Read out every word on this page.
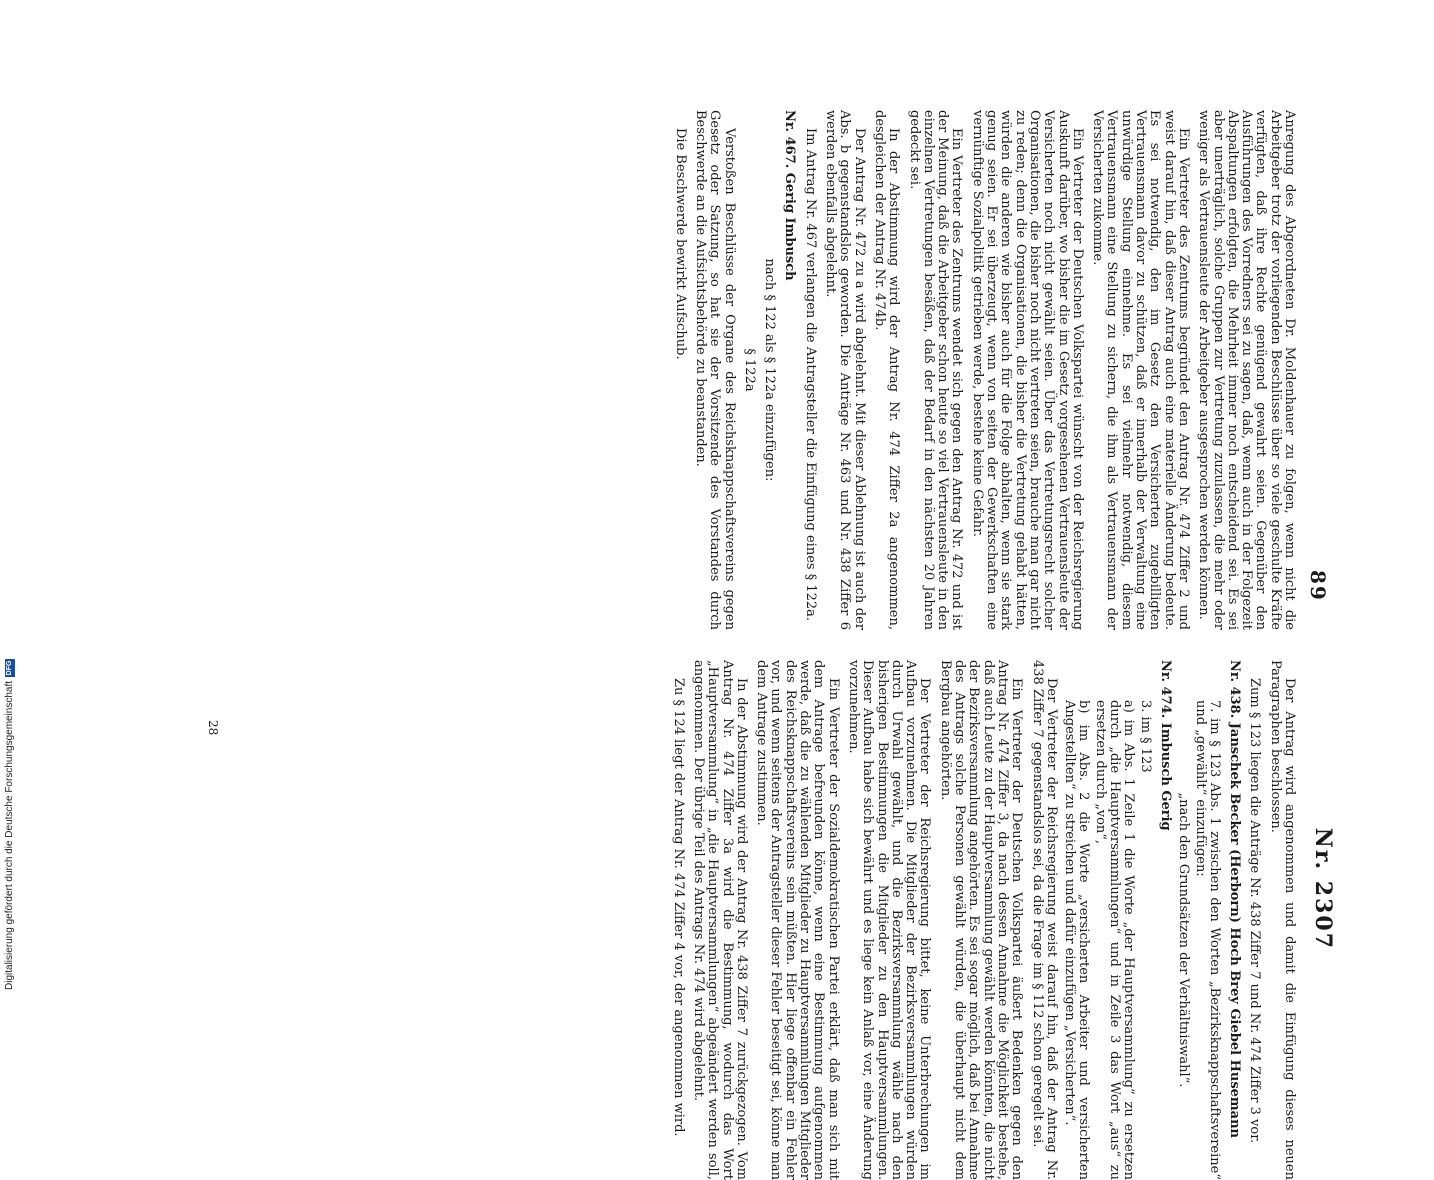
89
Nr. 2307

Anregung des Abgeordneten Dr. Moldenhauer zu folgen, wenn nicht die Arbeitgeber trotz der vorliegenden Beschlüsse über so viele geschulte Kräfte verfügten, daß ihre Rechte genügend gewahrt seien. Gegenüber den Ausführungen des Vorredners sei zu sagen, daß, wenn auch in der Folgezeit Abspaltungen erfolgten, die Mehrheit immer noch entscheidend sei. Es sei aber unerträglich, solche Gruppen zur Vertretung zuzulassen, die mehr oder weniger als Vertrauensleute der Arbeitgeber ausgesprochen werden können.

Ein Vertreter des Zentrums begründet den Antrag Nr. 474 Ziffer 2 und weist darauf hin, daß dieser Antrag auch eine materielle Änderung bedeute. Es sei notwendig, den im Gesetz den Versicherten zugebilligten Vertrauensmann davor zu schützen, daß er innerhalb der Verwaltung eine unwürdige Stellung einnehme. Es sei vielmehr notwendig, diesem Vertrauensmann eine Stellung zu sichern, die ihm als Vertrauensmann der Versicherten zukomme.

Ein Vertreter der Deutschen Volkspartei wünscht von der Reichsregierung Auskunft darüber, wo bisher die im Gesetz vorgesehenen Vertrauensleute der Versicherten noch nicht gewählt seien. Über das Vertretungsrecht solcher Organisationen, die bisher noch nicht vertreten seien, brauche man gar nicht zu reden; denn die Organisationen, die bisher die Vertretung gehabt hätten, würden die anderen wie bisher auch für die Folge abhalten, wenn sie stark genug seien. Er sei überzeugt, wenn von seiten der Gewerkschaften eine vernünftige Sozialpolitik getrieben werde, bestehe keine Gefahr.

Ein Vertreter des Zentrums wendet sich gegen den Antrag Nr. 472 und ist der Meinung, daß die Arbeitgeber schon heute so viel Vertrauensleute in den einzelnen Vertretungen besäßen, daß der Bedarf in den nächsten 20 Jahren gedeckt sei.

In der Abstimmung wird der Antrag Nr. 474 Ziffer 2a angenommen, desgleichen der Antrag Nr. 474b.

Der Antrag Nr. 472 zu a wird abgelehnt. Mit dieser Ablehnung ist auch der Abs. b gegenstandslos geworden. Die Anträge Nr. 463 und Nr. 438 Ziffer 6 werden ebenfalls abgelehnt.

Im Antrag Nr. 467 verlangen die Antragsteller die Einfügung eines § 122a.

Nr. 467. Gerig Imbusch

nach § 122 als § 122a einzufügen:

§ 122a

Verstoßen Beschlüsse der Organe des Reichsknappschaftsvereins gegen Gesetz oder Satzung, so hat sie der Vorsitzende des Vorstandes durch Beschwerde an die Aufsichtsbehörde zu beanstanden.

Die Beschwerde bewirkt Aufschub.

Der Antrag wird angenommen und damit die Einfügung dieses neuen Paragraphen beschlossen.

Zum § 123 liegen die Anträge Nr. 438 Ziffer 7 und Nr. 474 Ziffer 3 vor.

Nr. 438. Janschek Becker (Herborn) Hoch Brey Giebel Husemann

7. im § 123 Abs. 1 zwischen den Worten „Bezirksknappschaftsvereine“ und „gewählt“ einzufügen:

„nach den Grundsätzen der Verhältniswahl“.

Nr. 474. Imbusch Gerig

3. im § 123

a) im Abs. 1 Zeile 1 die Worte „der Hauptversammlung“ zu ersetzen durch „die Hauptversammlungen“ und in Zeile 3 das Wort „aus“ zu ersetzen durch „von“,

b) im Abs. 2 die Worte „versicherten Arbeiter und versicherten Angestellten“ zu streichen und dafür einzufügen „Versicherten“.

Der Vertreter der Reichsregierung weist darauf hin, daß der Antrag Nr. 438 Ziffer 7 gegenstandslos sei, da die Frage im § 112 schon geregelt sei.

Ein Vertreter der Deutschen Volkspartei äußert Bedenken gegen den Antrag Nr. 474 Ziffer 3, da nach dessen Annahme die Möglichkeit bestehe, daß auch Leute zu der Hauptversammlung gewählt werden könnten, die nicht der Bezirksversammlung angehörten. Es sei sogar möglich, daß bei Annahme des Antrags solche Personen gewählt würden, die überhaupt nicht dem Bergbau angehörten.

Der Vertreter der Reichsregierung bittet, keine Unterbrechungen im Aufbau vorzunehmen. Die Mitglieder der Bezirksversammlungen würden durch Urwahl gewählt, und die Bezirksversammlung wähle nach den bisherigen Bestimmungen die Mitglieder zu den Hauptversammlungen. Dieser Aufbau habe sich bewährt und es liege kein Anlaß vor, eine Änderung vorzunehmen.

Ein Vertreter der Sozialdemokratischen Partei erklärt, daß man sich mit dem Antrage befreunden könne, wenn eine Bestimmung aufgenommen werde, daß die zu wählenden Mitglieder zu Hauptversammlungen Mitglieder des Reichsknappschaftsvereins sein müßten. Hier liege offenbar ein Fehler vor, und wenn seitens der Antragsteller dieser Fehler beseitigt sei, könne man dem Antrage zustimmen.

In der Abstimmung wird der Antrag Nr. 438 Ziffer 7 zurückgezogen. Vom Antrag Nr. 474 Ziffer 3a wird die Bestimmung, wodurch das Wort „Hauptversammlung“ in „die Hauptversammlungen“ abgeändert werden soll, angenommen. Der übrige Teil des Antrags Nr. 474 wird abgelehnt.

Zu § 124 liegt der Antrag Nr. 474 Ziffer 4 vor, der angenommen wird.

28
Digitalisierung gefördert durch die Deutsche Forschungsgemeinschaft
DFG
